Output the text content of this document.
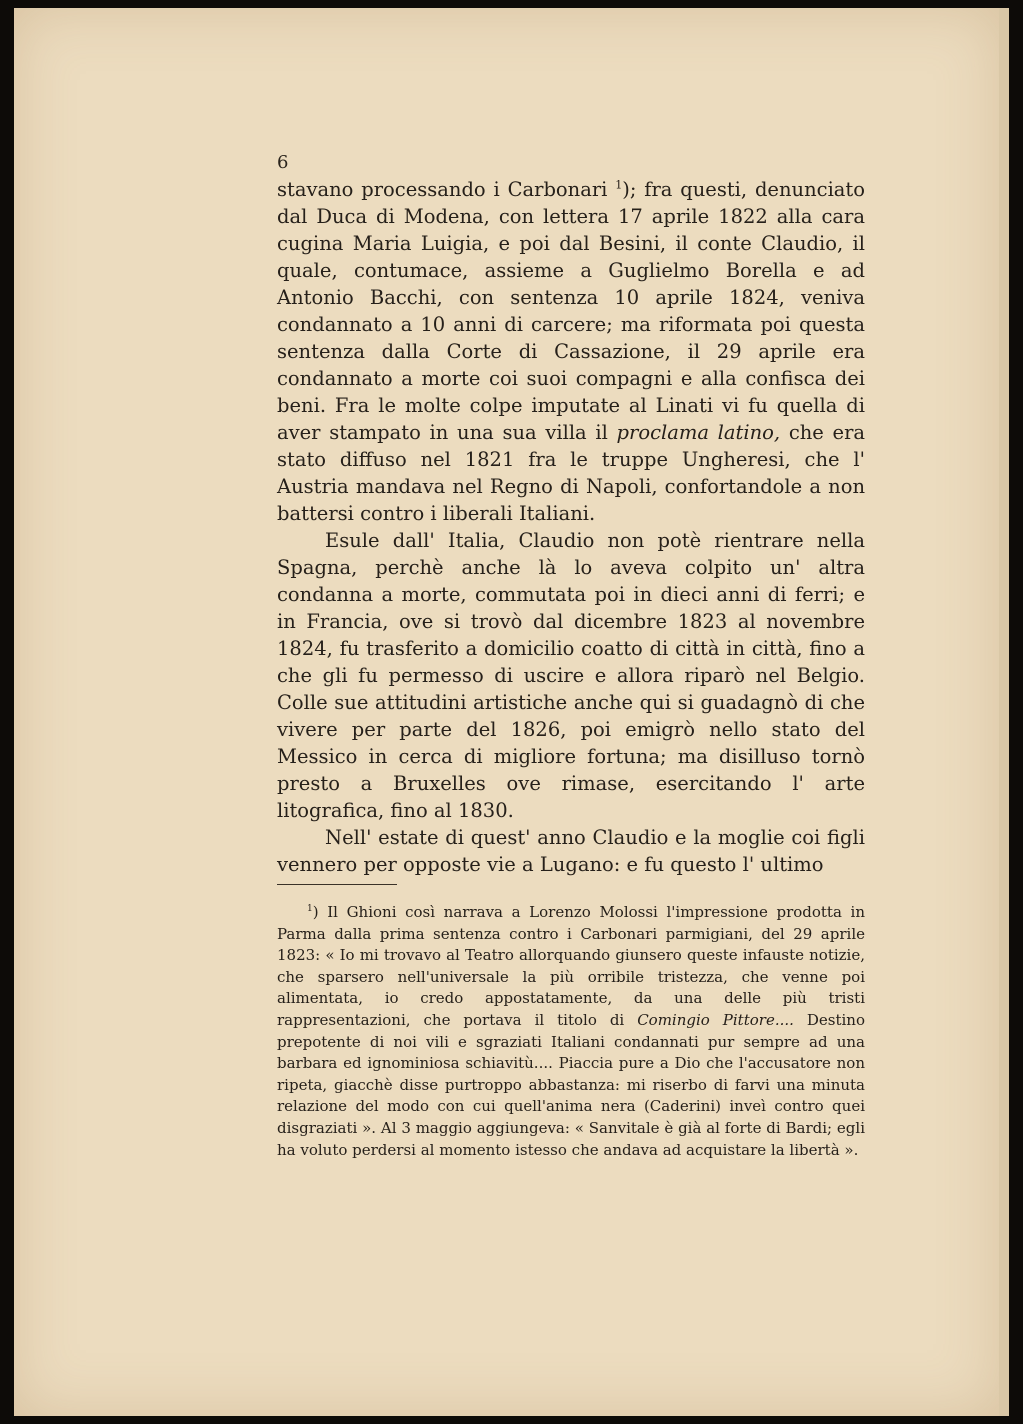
6

stavano processando i Carbonari $^1$); fra questi, denunciato dal Duca di Modena, con lettera 17 aprile 1822 alla cara cugina Maria Luigia, e poi dal Besini, il conte Claudio, il quale, contumace, assieme a Guglielmo Borella e ad Antonio Bacchi, con sentenza 10 aprile 1824, veniva condannato a 10 anni di carcere; ma riformata poi questa sentenza dalla Corte di Cassazione, il 29 aprile era condannato a morte coi suoi compagni e alla confisca dei beni. Fra le molte colpe imputate al Linati vi fu quella di aver stampato in una sua villa il proclama latino, che era stato diffuso nel 1821 fra le truppe Ungheresi, che l' Austria mandava nel Regno di Napoli, confortandole a non battersi contro i liberali Italiani.

Esule dall' Italia, Claudio non potè rientrare nella Spagna, perchè anche là lo aveva colpito un' altra condanna a morte, commutata poi in dieci anni di ferri; e in Francia, ove si trovò dal dicembre 1823 al novembre 1824, fu trasferito a domicilio coatto di città in città, fino a che gli fu permesso di uscire e allora riparò nel Belgio. Colle sue attitudini artistiche anche qui si guadagnò di che vivere per parte del 1826, poi emigrò nello stato del Messico in cerca di migliore fortuna; ma disilluso tornò presto a Bruxelles ove rimase, esercitando l' arte litografica, fino al 1830.

Nell' estate di quest' anno Claudio e la moglie coi figli vennero per opposte vie a Lugano: e fu questo l' ultimo

$^1$) Il Ghioni così narrava a Lorenzo Molossi l'impressione prodotta in Parma dalla prima sentenza contro i Carbonari parmigiani, del 29 aprile 1823: « Io mi trovavo al Teatro allorquando giunsero queste infauste notizie, che sparsero nell'universale la più orribile tristezza, che venne poi alimentata, io credo appostatamente, da una delle più tristi rappresentazioni, che portava il titolo di Comingio Pittore.... Destino prepotente di noi vili e sgraziati Italiani condannati pur sempre ad una barbara ed ignominiosa schiavitù.... Piaccia pure a Dio che l'accusatore non ripeta, giacchè disse purtroppo abbastanza: mi riserbo di farvi una minuta relazione del modo con cui quell'anima nera (Caderini) inveì contro quei disgraziati ». Al 3 maggio aggiungeva: « Sanvitale è già al forte di Bardi; egli ha voluto perdersi al momento istesso che andava ad acquistare la libertà ».
